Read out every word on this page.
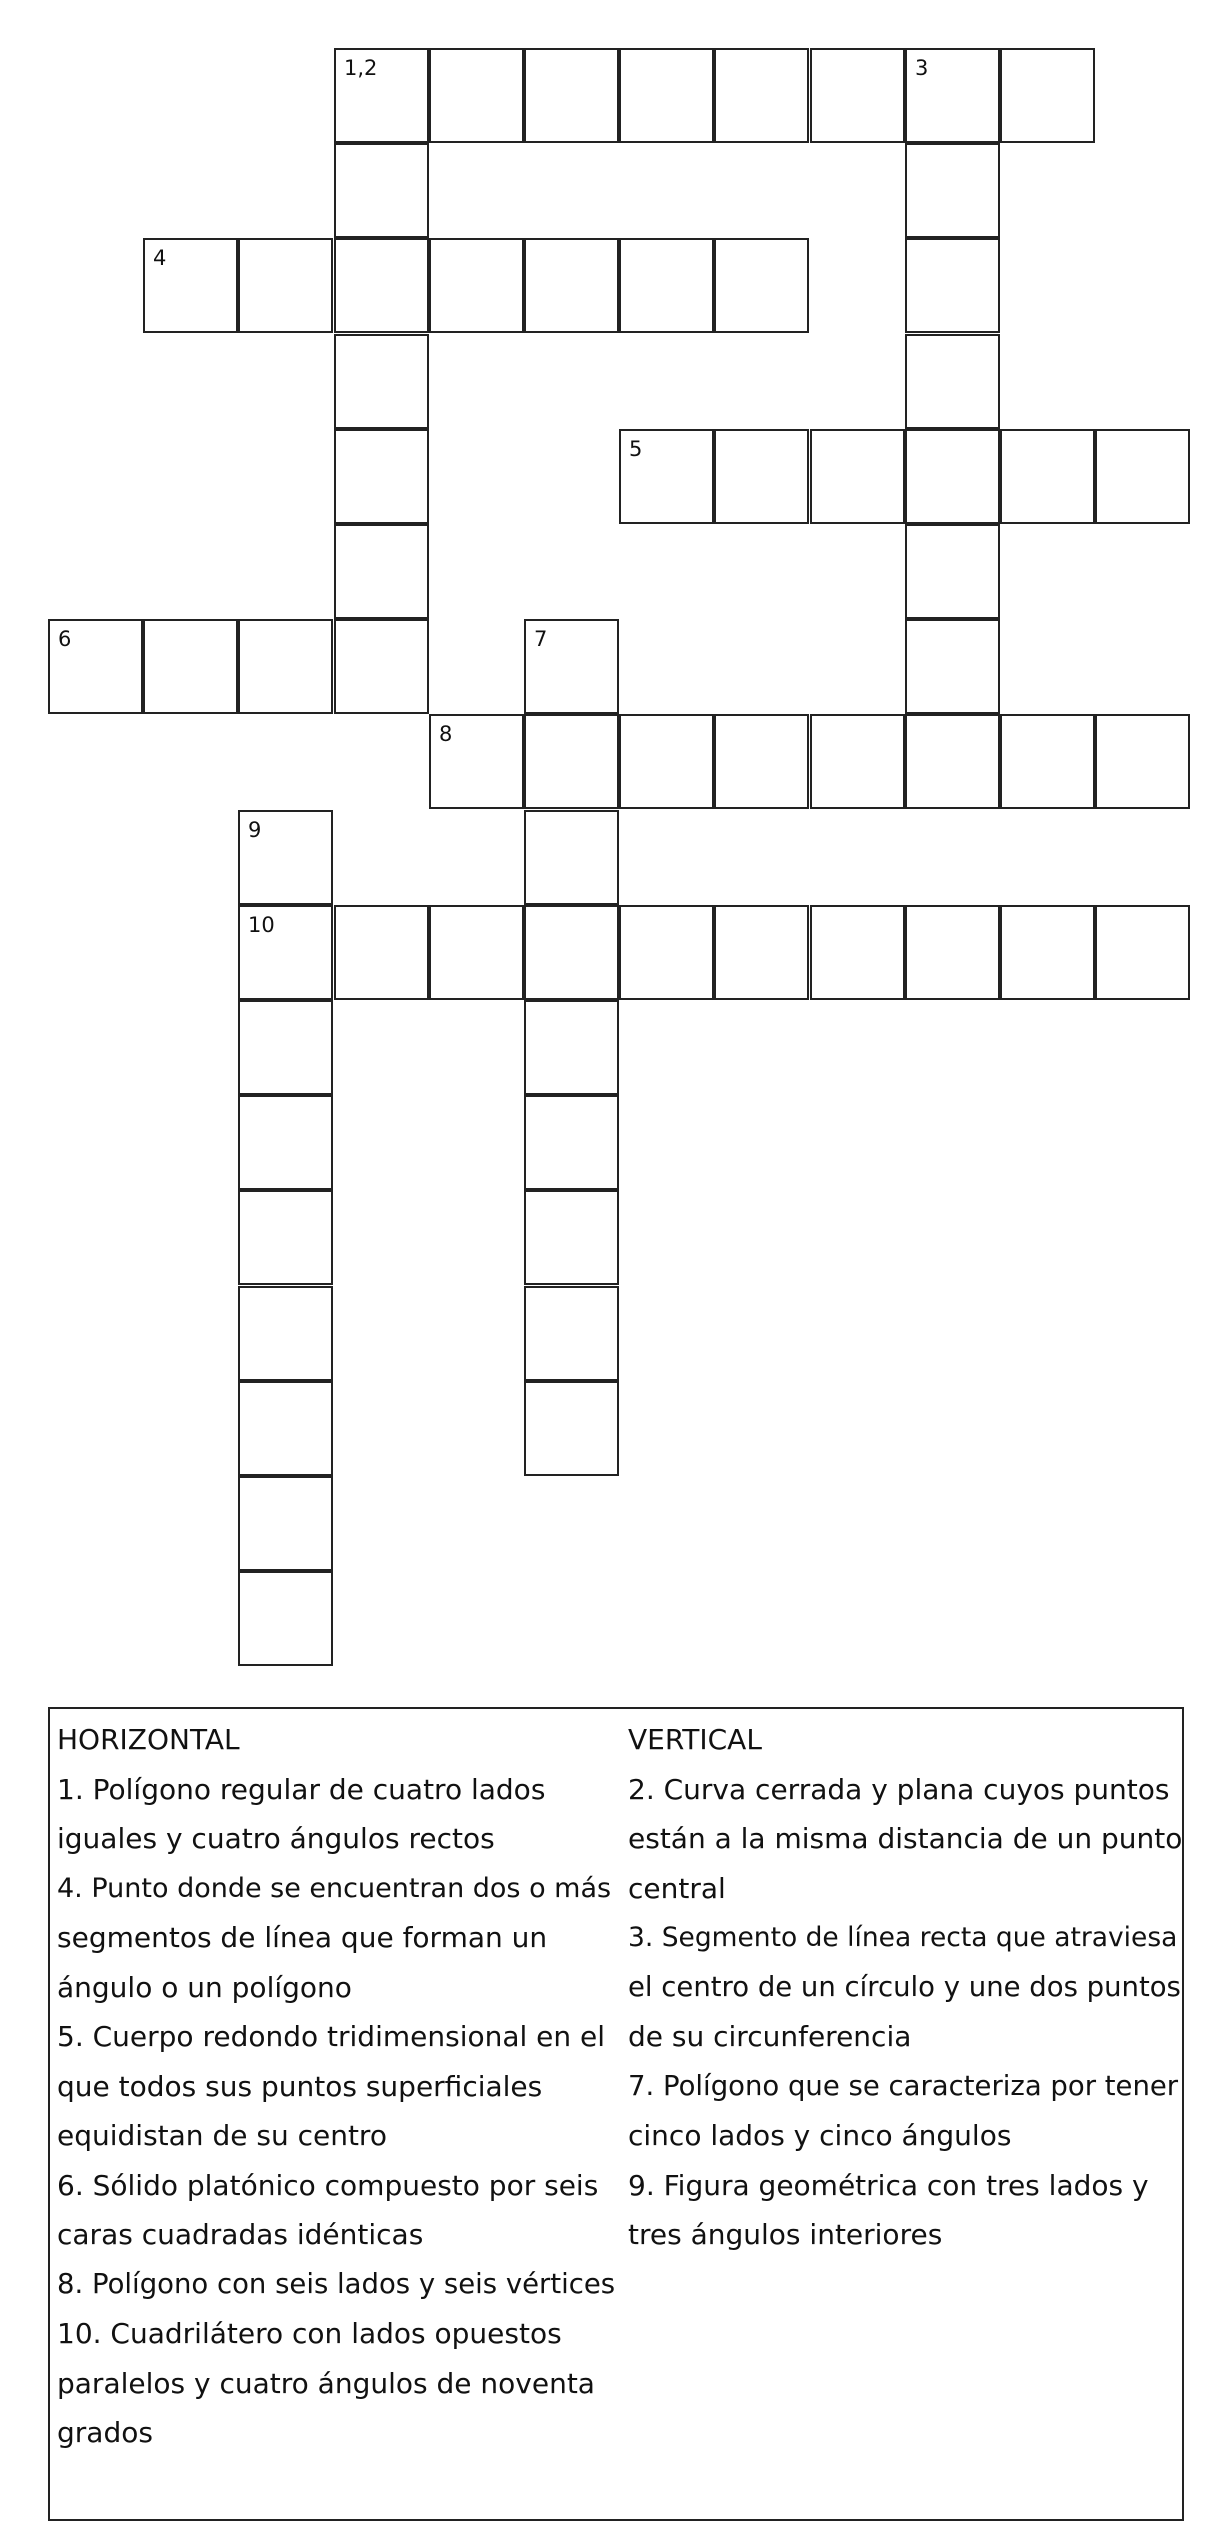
1,2	3
4
5
6	7
8
9
10
HORIZONTAL
1. Polígono regular de cuatro lados
iguales y cuatro ángulos rectos
4. Punto donde se encuentran dos o más
segmentos de línea que forman un
ángulo o un polígono
5. Cuerpo redondo tridimensional en el
que todos sus puntos superficiales
equidistan de su centro
6. Sólido platónico compuesto por seis
caras cuadradas idénticas
8. Polígono con seis lados y seis vértices
10. Cuadrilátero con lados opuestos
paralelos y cuatro ángulos de noventa
grados
VERTICAL
2. Curva cerrada y plana cuyos puntos
están a la misma distancia de un punto
central
3. Segmento de línea recta que atraviesa
el centro de un círculo y une dos puntos
de su circunferencia
7. Polígono que se caracteriza por tener
cinco lados y cinco ángulos
9. Figura geométrica con tres lados y
tres ángulos interiores
